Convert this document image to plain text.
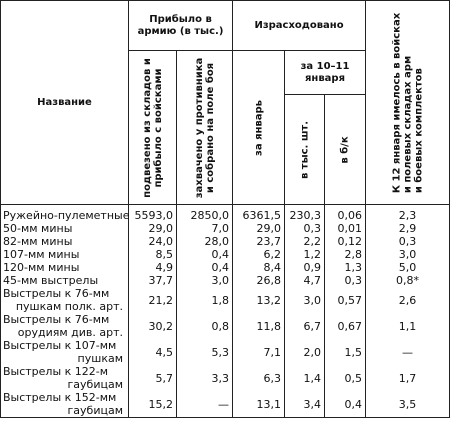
Название	Прибыло в армию (в тыс.)		Израсходовано			К 12 января имелось в войсках и полевых складах арм и боевых комплектов

	подвезено из складов и прибыло с войсками	захвачено у противника и собрано на поле боя	за январь	за 10–11 января		

				в тыс. шт.	в б/к	

Ружейно-пулеметные	5593,0	2850,0	6361,5	230,3	0,06	2,3
50-мм мины	29,0	7,0	29,0	0,3	0,01	2,9
82-мм мины	24,0	28,0	23,7	2,2	0,12	0,3
107-мм мины	8,5	0,4	6,2	1,2	2,8	3,0
120-мм мины	4,9	0,4	8,4	0,9	1,3	5,0
45-мм выстрелы	37,7	3,0	26,8	4,7	0,3	0,8*

Выстрелы к 76-мм
пушкам полк. арт.	21,2	1,8	13,2	3,0	0,57	2,6

Выстрелы к 76-мм
орудиям див. арт.	30,2	0,8	11,8	6,7	0,67	1,1

Выстрелы к 107-мм
пушкам	4,5	5,3	7,1	2,0	1,5	—

Выстрелы к 122-м
гаубицам	5,7	3,3	6,3	1,4	0,5	1,7

Выстрелы к 152-мм
гаубицам	15,2	—	13,1	3,4	0,4	3,5
